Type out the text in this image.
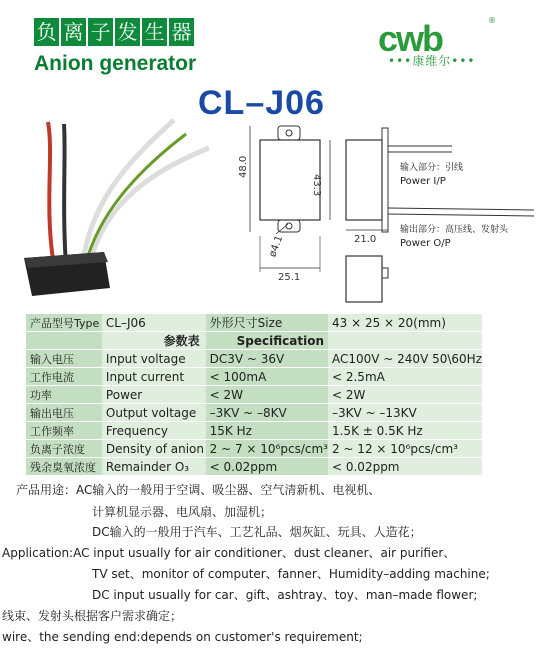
负 离 子 发 生 器
Anion generator
CL–J06
cwb	®
•••康维尔•••
48.0
43.3
ø4.1
25.1
21.0
输入部分：引线
Power I/P
输出部分：高压线、发射头
Power O/P
产品型号Type	CL–J06	外形尺寸Size	43 × 25 × 20(mm)
	参数表	Specification	
输入电压	Input voltage	DC3V ~ 36V	AC100V ~ 240V 50\60Hz
工作电流	Input current	< 100mA	< 2.5mA
功率	Power	< 2W	< 2W
输出电压	Output voltage	–3KV ~ –8KV	–3KV ~ –13KV
工作频率	Frequency	15K Hz	1.5K ± 0.5K Hz
负离子浓度	Density of anion	2 ~ 7 × 10⁶pcs/cm³	2 ~ 12 × 10⁶pcs/cm³
残余臭氧浓度	Remainder O₃	< 0.02ppm	< 0.02ppm
产品用途：AC输入的一般用于空调、吸尘器、空气清新机、电视机、
计算机显示器、电风扇、加湿机；
DC输入的一般用于汽车、工艺礼品、烟灰缸、玩具、人造花；
Application:AC input usually for air conditioner、dust cleaner、air purifier、
TV set、monitor of computer、fanner、Humidity–adding machine;
DC input usually for car、gift、ashtray、toy、man–made flower;
线束、发射头根据客户需求确定；
wire、the sending end:depends on customer's requirement;
